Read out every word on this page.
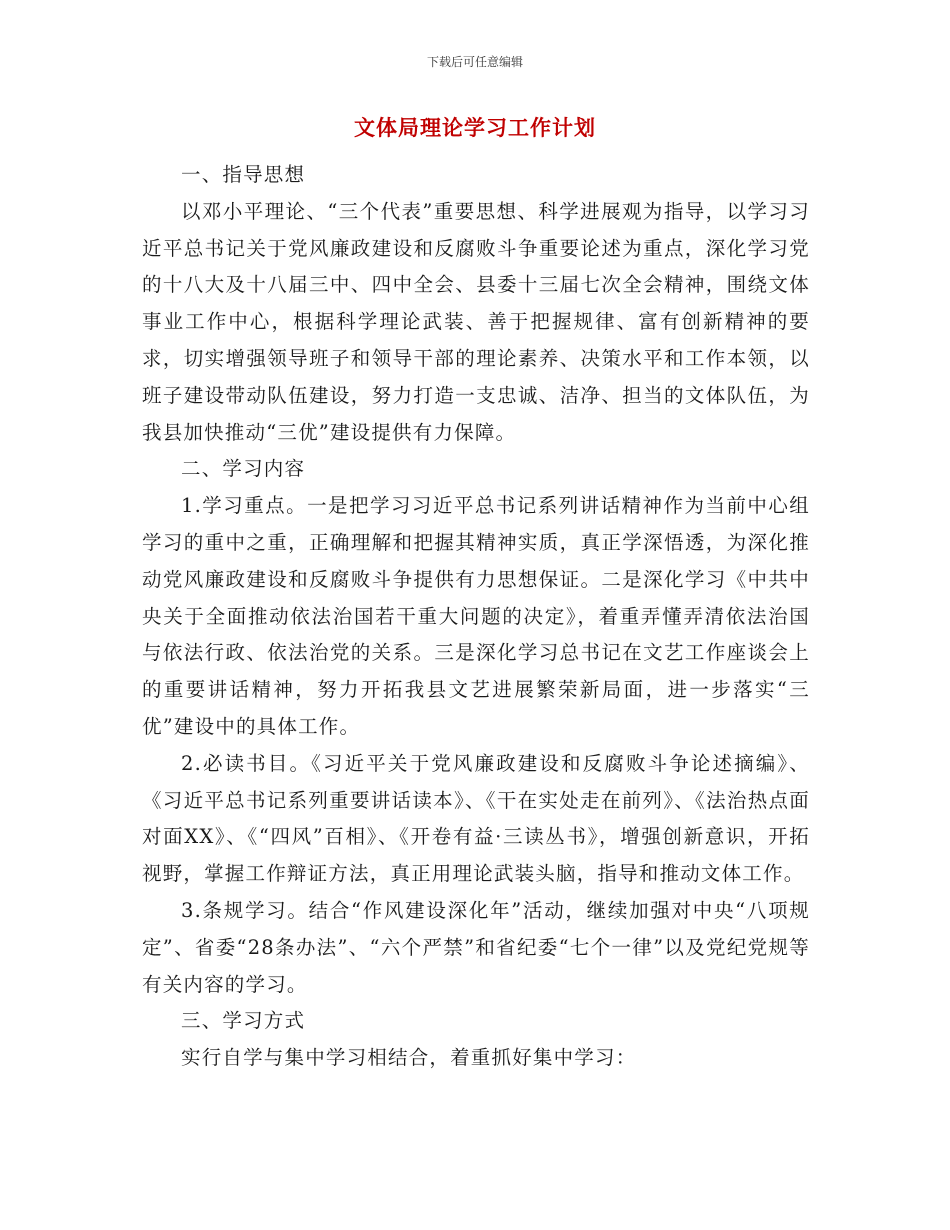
下载后可任意编辑
文体局理论学习工作计划

一、指导思想

以邓小平理论、“三个代表”重要思想、科学进展观为指导，以学习习近平总书记关于党风廉政建设和反腐败斗争重要论述为重点，深化学习党的十八大及十八届三中、四中全会、县委十三届七次全会精神，围绕文体事业工作中心，根据科学理论武装、善于把握规律、富有创新精神的要求，切实增强领导班子和领导干部的理论素养、决策水平和工作本领，以班子建设带动队伍建设，努力打造一支忠诚、洁净、担当的文体队伍，为我县加快推动“三优”建设提供有力保障。

二、学习内容

1.学习重点。一是把学习习近平总书记系列讲话精神作为当前中心组学习的重中之重，正确理解和把握其精神实质，真正学深悟透，为深化推动党风廉政建设和反腐败斗争提供有力思想保证。二是深化学习《中共中央关于全面推动依法治国若干重大问题的决定》，着重弄懂弄清依法治国与依法行政、依法治党的关系。三是深化学习总书记在文艺工作座谈会上的重要讲话精神，努力开拓我县文艺进展繁荣新局面，进一步落实“三优”建设中的具体工作。

2.必读书目。《习近平关于党风廉政建设和反腐败斗争论述摘编》、《习近平总书记系列重要讲话读本》、《干在实处走在前列》、《法治热点面对面XX》、《“四风”百相》、《开卷有益·三读丛书》，增强创新意识，开拓视野，掌握工作辩证方法，真正用理论武装头脑，指导和推动文体工作。

3.条规学习。结合“作风建设深化年”活动，继续加强对中央“八项规定”、省委“28条办法”、“六个严禁”和省纪委“七个一律”以及党纪党规等有关内容的学习。

三、学习方式

实行自学与集中学习相结合，着重抓好集中学习：
